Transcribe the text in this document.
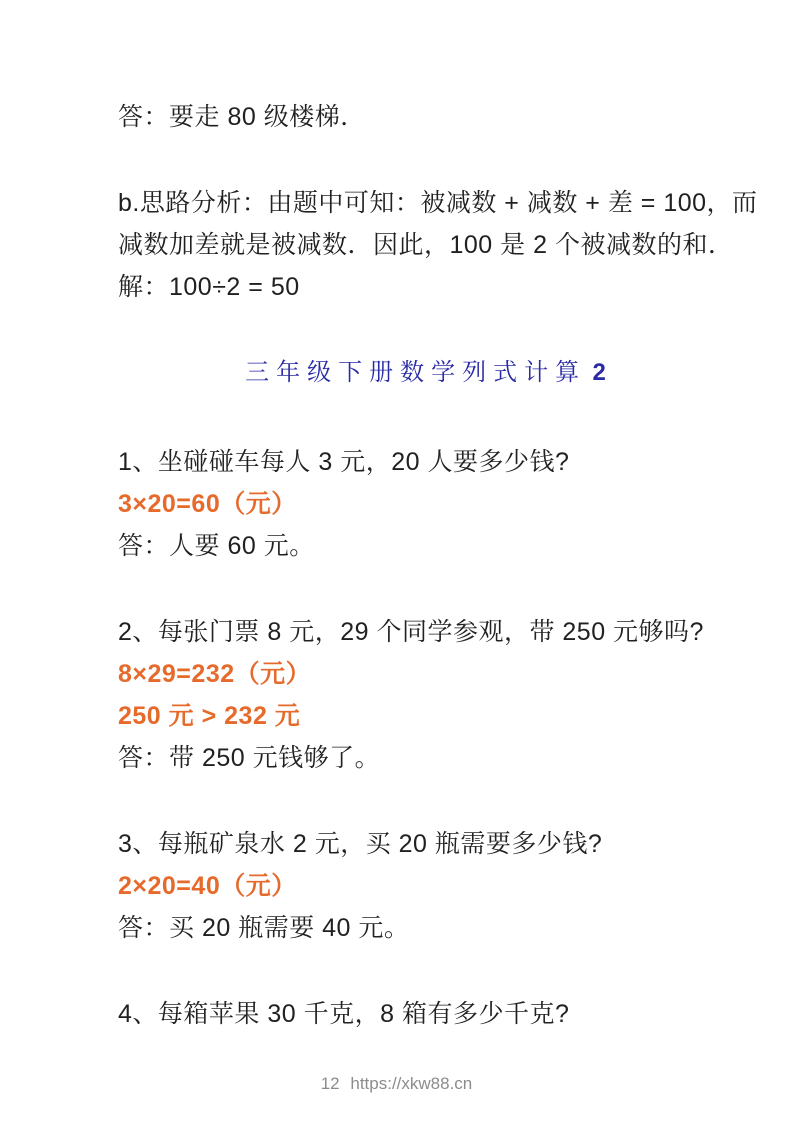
答：要走 80 级楼梯．
b.思路分析：由题中可知：被减数 + 减数 + 差 = 100，而
减数加差就是被减数．因此，100 是 2 个被减数的和．
解：100÷2 = 50
三年级下册数学列式计算 2
1、坐碰碰车每人 3 元，20 人要多少钱?
3×20=60（元）
答：人要 60 元。
2、每张门票 8 元，29 个同学参观，带 250 元够吗?
8×29=232（元）
250 元 > 232 元
答：带 250 元钱够了。
3、每瓶矿泉水 2 元，买 20 瓶需要多少钱?
2×20=40（元）
答：买 20 瓶需要 40 元。
4、每箱苹果 30 千克，8 箱有多少千克?
12 https://xkw88.cn
